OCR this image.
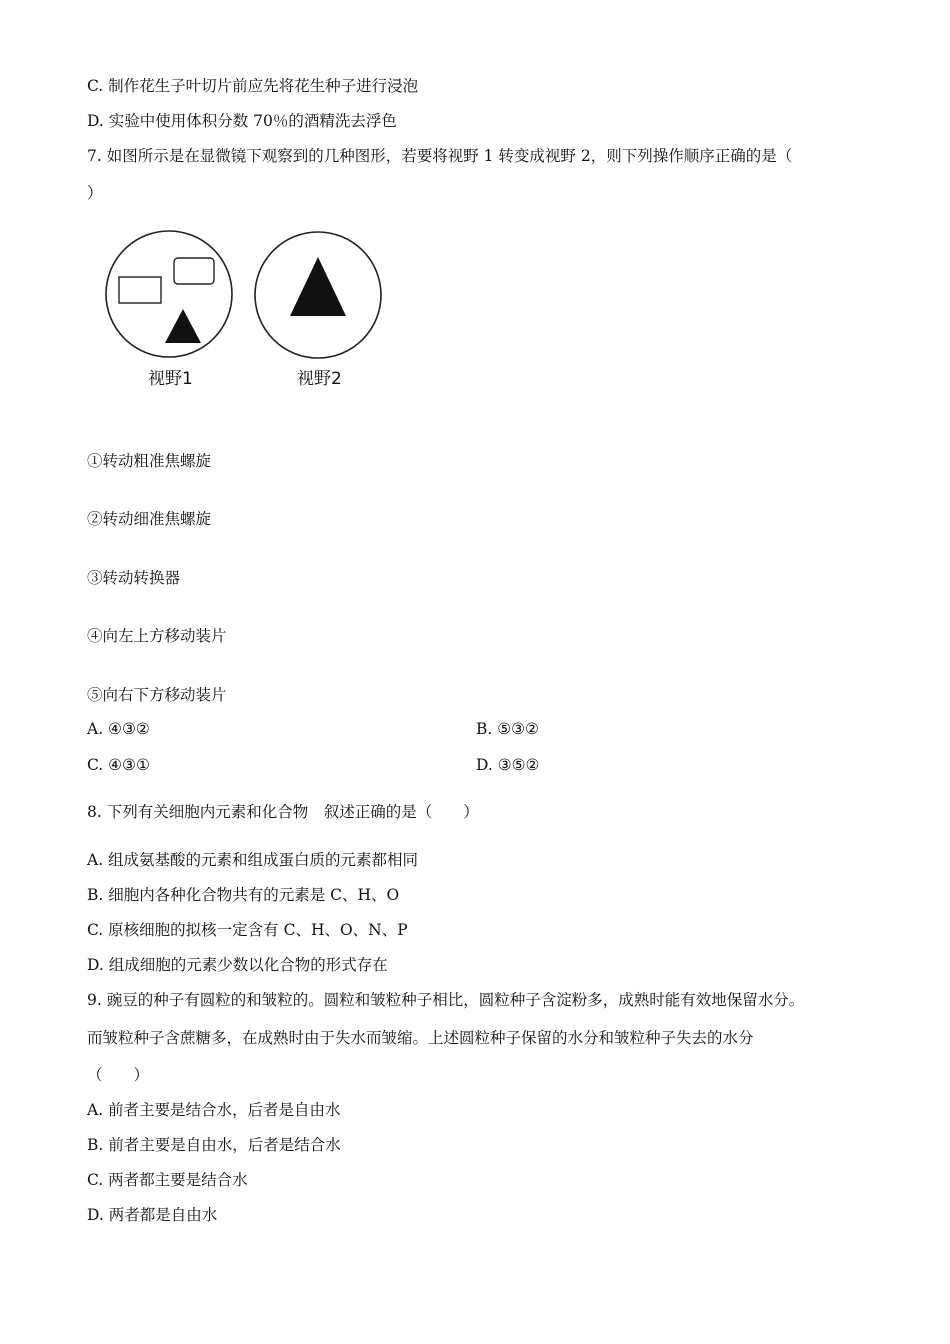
C. 制作花生子叶切片前应先将花生种子进行浸泡
D. 实验中使用体积分数 70％的酒精洗去浮色
7. 如图所示是在显微镜下观察到的几种图形，若要将视野 1 转变成视野 2，则下列操作顺序正确的是（
）
视野1	视野2
①转动粗准焦螺旋
②转动细准焦螺旋
③转动转换器
④向左上方移动装片
⑤向右下方移动装片
A. ④③②	B. ⑤③②
C. ④③①	D. ③⑤②
8. 下列有关细胞内元素和化合物　叙述正确的是（　　）
A. 组成氨基酸的元素和组成蛋白质的元素都相同
B. 细胞内各种化合物共有的元素是 C、H、O
C. 原核细胞的拟核一定含有 C、H、O、N、P
D. 组成细胞的元素少数以化合物的形式存在
9. 豌豆的种子有圆粒的和皱粒的。圆粒和皱粒种子相比，圆粒种子含淀粉多，成熟时能有效地保留水分。
而皱粒种子含蔗糖多，在成熟时由于失水而皱缩。上述圆粒种子保留的水分和皱粒种子失去的水分
（　　）
A. 前者主要是结合水，后者是自由水
B. 前者主要是自由水，后者是结合水
C. 两者都主要是结合水
D. 两者都是自由水
